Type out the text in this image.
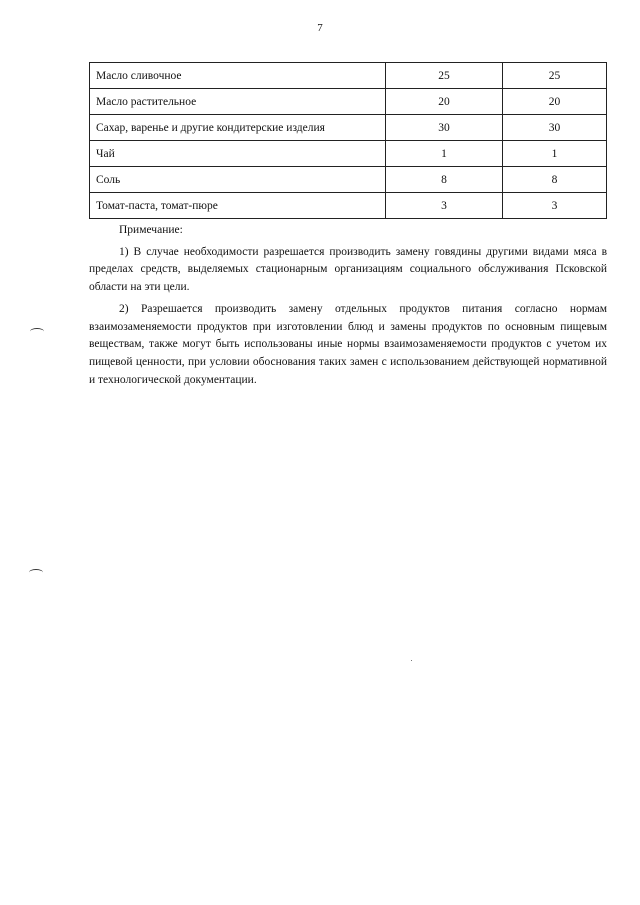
7
Масло сливочное	25	25
Масло растительное	20	20
Сахар, варенье и другие кондитерские изделия	30	30
Чай	1	1
Соль	8	8
Томат-паста, томат-пюре	3	3

Примечание:

1) В случае необходимости разрешается производить замену говядины другими видами мяса в пределах средств, выделяемых стационарным организациям социального обслуживания Псковской области на эти цели.

2) Разрешается производить замену отдельных продуктов питания согласно нормам взаимозаменяемости продуктов при изготовлении блюд и замены продуктов по основным пищевым веществам, также могут быть использованы иные нормы взаимозаменяемости продуктов с учетом их пищевой ценности, при условии обоснования таких замен с использованием действующей нормативной и технологической документации.
